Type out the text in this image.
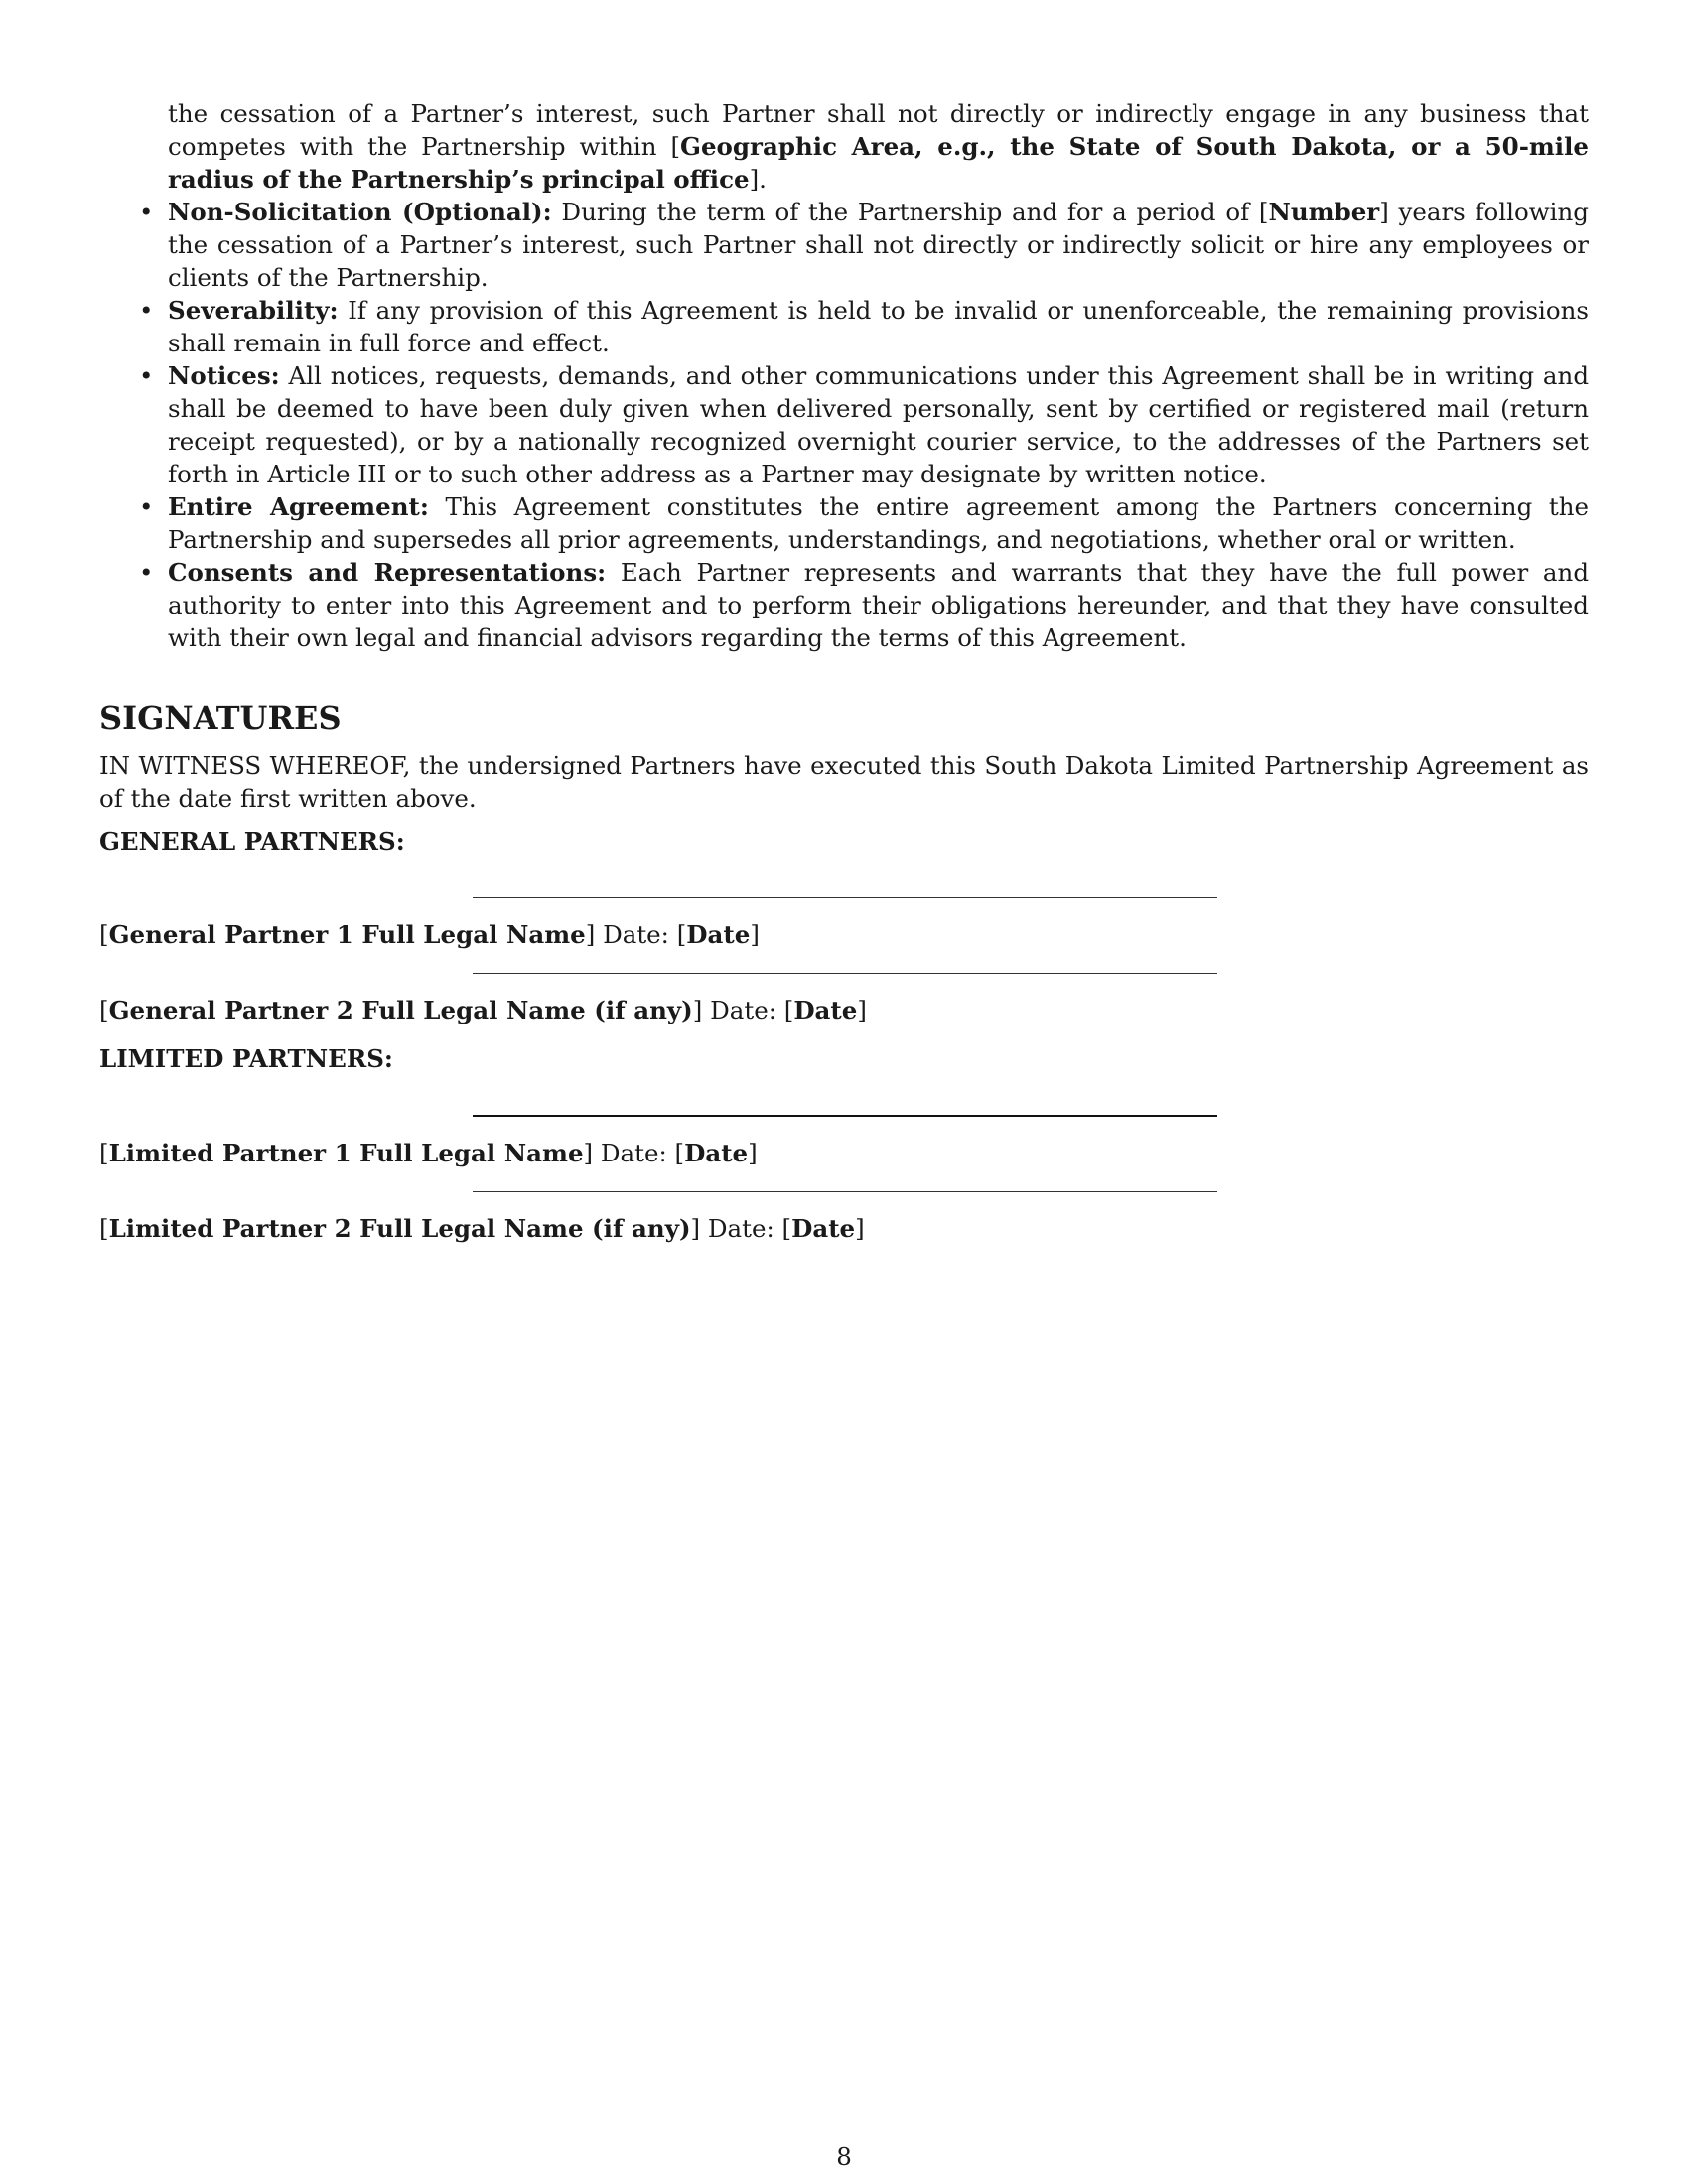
the cessation of a Partner’s interest, such Partner shall not directly or indirectly engage in any business that competes with the Partnership within [Geographic Area, e.g., the State of South Dakota, or a 50-mile radius of the Partnership’s principal office].
• Non-Solicitation (Optional): During the term of the Partnership and for a period of [Number] years following the cessation of a Partner’s interest, such Partner shall not directly or indirectly solicit or hire any employees or clients of the Partnership.
• Severability: If any provision of this Agreement is held to be invalid or unenforceable, the remaining provisions shall remain in full force and effect.
• Notices: All notices, requests, demands, and other communications under this Agreement shall be in writing and shall be deemed to have been duly given when delivered personally, sent by certified or registered mail (return receipt requested), or by a nationally recognized overnight courier service, to the addresses of the Partners set forth in Article III or to such other address as a Partner may designate by written notice.
• Entire Agreement: This Agreement constitutes the entire agreement among the Partners concerning the Partnership and supersedes all prior agreements, understandings, and negotiations, whether oral or written.
• Consents and Representations: Each Partner represents and warrants that they have the full power and authority to enter into this Agreement and to perform their obligations hereunder, and that they have consulted with their own legal and financial advisors regarding the terms of this Agreement.
SIGNATURES
IN WITNESS WHEREOF, the undersigned Partners have executed this South Dakota Limited Partnership Agreement as of the date first written above.
GENERAL PARTNERS:
[General Partner 1 Full Legal Name] Date: [Date]
[General Partner 2 Full Legal Name (if any)] Date: [Date]
LIMITED PARTNERS:
[Limited Partner 1 Full Legal Name] Date: [Date]
[Limited Partner 2 Full Legal Name (if any)] Date: [Date]
8
